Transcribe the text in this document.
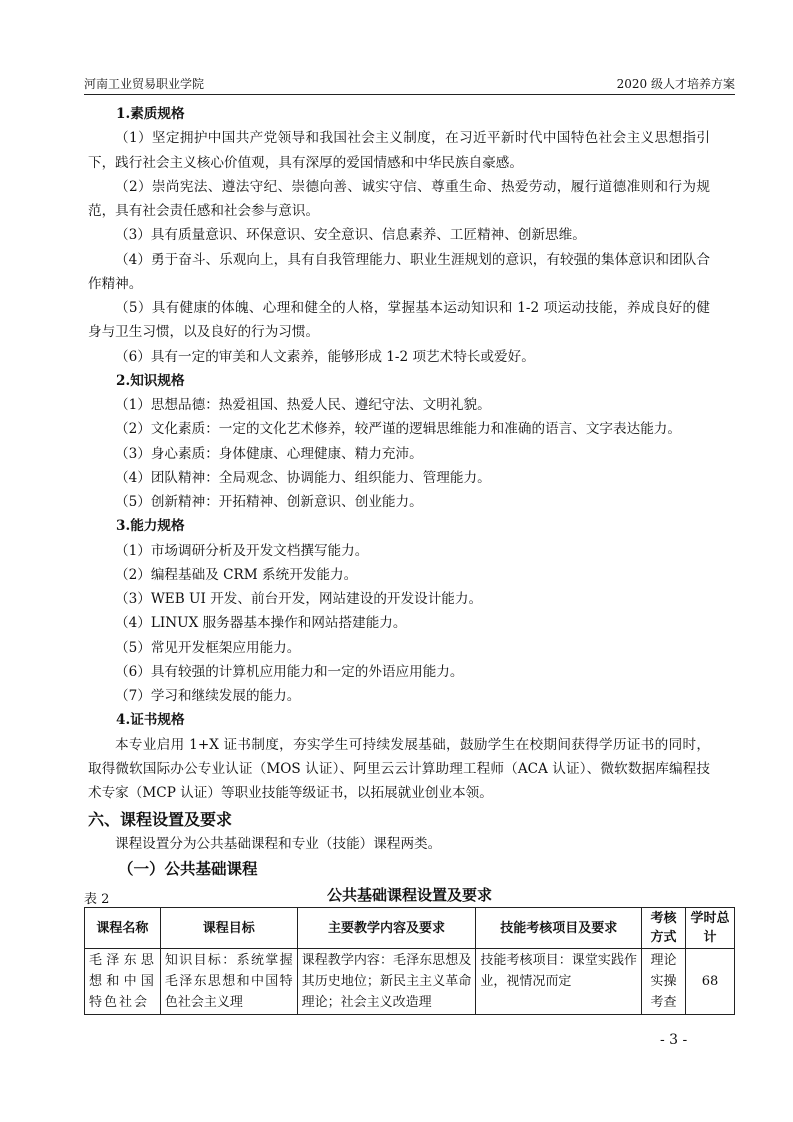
河南工业贸易职业学院	2020 级人才培养方案
1.素质规格
（1）坚定拥护中国共产党领导和我国社会主义制度，在习近平新时代中国特色社会主义思想指引下，践行社会主义核心价值观，具有深厚的爱国情感和中华民族自豪感。
（2）崇尚宪法、遵法守纪、崇德向善、诚实守信、尊重生命、热爱劳动，履行道德准则和行为规范，具有社会责任感和社会参与意识。
（3）具有质量意识、环保意识、安全意识、信息素养、工匠精神、创新思维。
（4）勇于奋斗、乐观向上，具有自我管理能力、职业生涯规划的意识，有较强的集体意识和团队合作精神。
（5）具有健康的体魄、心理和健全的人格，掌握基本运动知识和 1-2 项运动技能，养成良好的健身与卫生习惯，以及良好的行为习惯。
（6）具有一定的审美和人文素养，能够形成 1-2 项艺术特长或爱好。
2.知识规格
（1）思想品德：热爱祖国、热爱人民、遵纪守法、文明礼貌。
（2）文化素质：一定的文化艺术修养，较严谨的逻辑思维能力和准确的语言、文字表达能力。
（3）身心素质：身体健康、心理健康、精力充沛。
（4）团队精神：全局观念、协调能力、组织能力、管理能力。
（5）创新精神：开拓精神、创新意识、创业能力。
3.能力规格
（1）市场调研分析及开发文档撰写能力。
（2）编程基础及 CRM 系统开发能力。
（3）WEB UI 开发、前台开发，网站建设的开发设计能力。
（4）LINUX 服务器基本操作和网站搭建能力。
（5）常见开发框架应用能力。
（6）具有较强的计算机应用能力和一定的外语应用能力。
（7）学习和继续发展的能力。
4.证书规格
本专业启用 1+X 证书制度，夯实学生可持续发展基础，鼓励学生在校期间获得学历证书的同时，取得微软国际办公专业认证（MOS 认证）、阿里云云计算助理工程师（ACA 认证）、微软数据库编程技术专家（MCP 认证）等职业技能等级证书，以拓展就业创业本领。
六、课程设置及要求
课程设置分为公共基础课程和专业（技能）课程两类。
（一）公共基础课程
表 2	公共基础课程设置及要求
课程名称	课程目标	主要教学内容及要求	技能考核项目及要求	考核方式	学时总计
毛泽东思想和中国特色社会	知识目标：系统掌握毛泽东思想和中国特色社会主义理	课程教学内容：毛泽东思想及其历史地位；新民主主义革命理论；社会主义改造理	技能考核项目：课堂实践作业，视情况而定	理论实操考查	68
- 3 -
